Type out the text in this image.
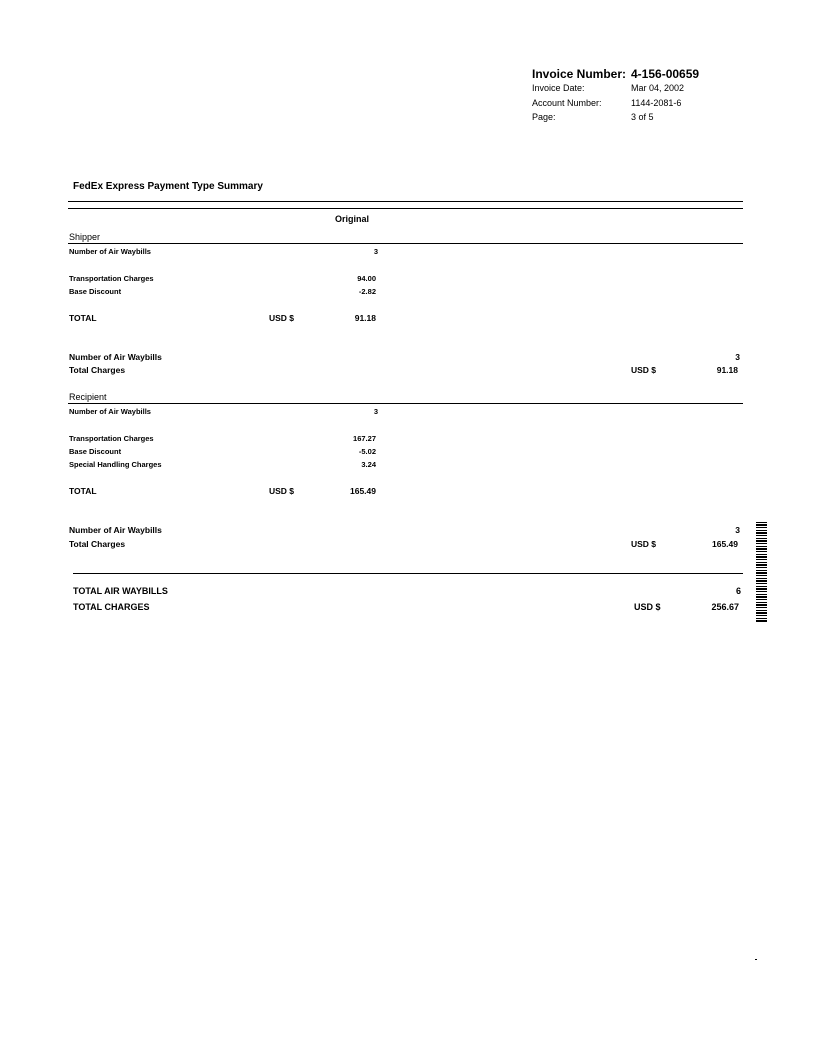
Invoice Number: 4-156-00659
Invoice Date:	Mar 04, 2002
Account Number:	1144-2081-6
Page:	3 of 5
FedEx Express Payment Type Summary
Original
Shipper
Number of Air Waybills	3
Transportation Charges	94.00
Base Discount	-2.82
TOTAL	USD $	91.18
Number of Air Waybills	3
Total Charges	USD $	91.18
Recipient
Number of Air Waybills	3
Transportation Charges	167.27
Base Discount	-5.02
Special Handling Charges	3.24
TOTAL	USD $	165.49
Number of Air Waybills	3
Total Charges	USD $	165.49
TOTAL AIR WAYBILLS	6
TOTAL CHARGES	USD $	256.67
